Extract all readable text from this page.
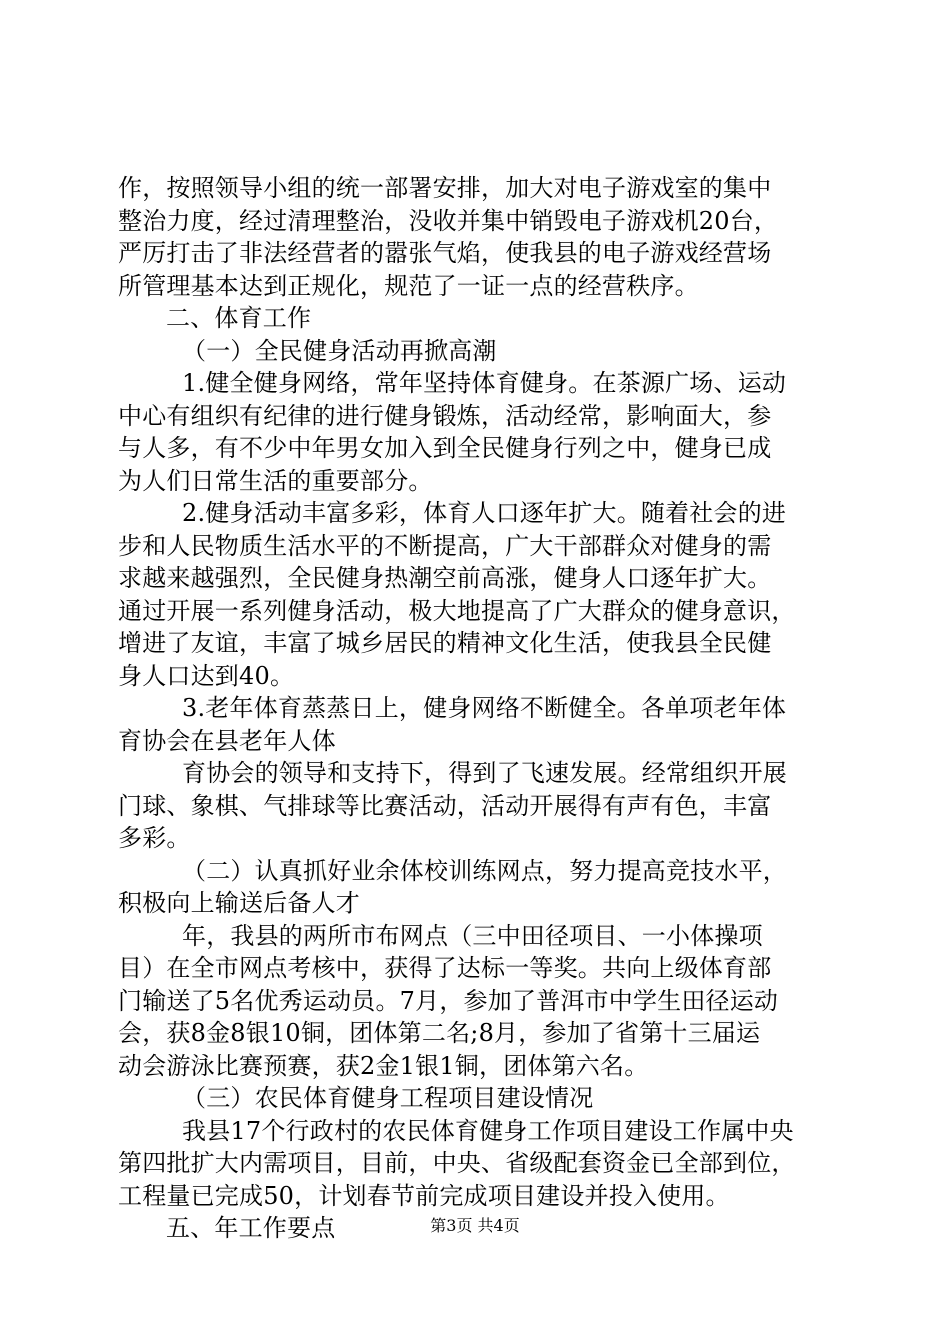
作，按照领导小组的统一部署安排，加大对电子游戏室的集中
整治力度，经过清理整治，没收并集中销毁电子游戏机20台，
严厉打击了非法经营者的嚣张气焰，使我县的电子游戏经营场
所管理基本达到正规化，规范了一证一点的经营秩序。
二、体育工作
（一）全民健身活动再掀高潮
1.健全健身网络，常年坚持体育健身。在茶源广场、运动
中心有组织有纪律的进行健身锻炼，活动经常，影响面大，参
与人多，有不少中年男女加入到全民健身行列之中，健身已成
为人们日常生活的重要部分。
2.健身活动丰富多彩，体育人口逐年扩大。随着社会的进
步和人民物质生活水平的不断提高，广大干部群众对健身的需
求越来越强烈，全民健身热潮空前高涨，健身人口逐年扩大。
通过开展一系列健身活动，极大地提高了广大群众的健身意识，
增进了友谊，丰富了城乡居民的精神文化生活，使我县全民健
身人口达到40。
3.老年体育蒸蒸日上，健身网络不断健全。各单项老年体
育协会在县老年人体
育协会的领导和支持下，得到了飞速发展。经常组织开展
门球、象棋、气排球等比赛活动，活动开展得有声有色，丰富
多彩。
（二）认真抓好业余体校训练网点，努力提高竞技水平，
积极向上输送后备人才
年，我县的两所市布网点（三中田径项目、一小体操项
目）在全市网点考核中，获得了达标一等奖。共向上级体育部
门输送了5名优秀运动员。7月，参加了普洱市中学生田径运动
会，获8金8银10铜，团体第二名;8月，参加了省第十三届运
动会游泳比赛预赛，获2金1银1铜，团体第六名。
（三）农民体育健身工程项目建设情况
我县17个行政村的农民体育健身工作项目建设工作属中央
第四批扩大内需项目，目前，中央、省级配套资金已全部到位，
工程量已完成50，计划春节前完成项目建设并投入使用。
五、年工作要点	第3页 共4页
